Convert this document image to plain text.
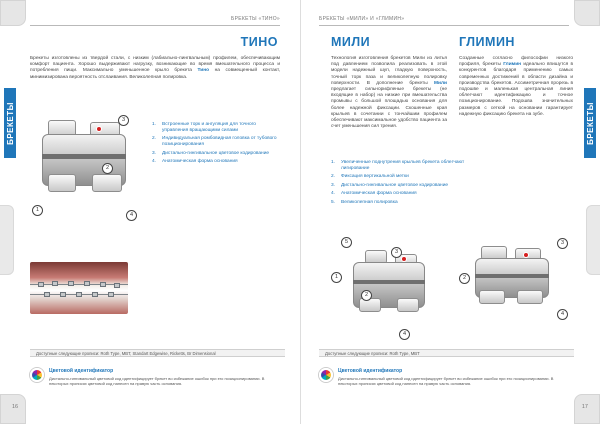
БРЕКЕТЫ «ТИНО»
БРЕКЕТЫ
ТИНО

Брекеты изготовлены из твердой стали, с низким (лабиально-лингвальным) профилем, обеспечивающим комфорт пациента. Хорошо выдерживают нагрузку, возникающие во время вмешательного процесса и потребления пищи. Максимально уменьшенное крыло брекета Тино на совмещенный контакт, минимизирована вероятность отслаивания. Великолепная полировка.

3
2
1
4
1.	Встроенные торк и ангуляция для точного управления вращающими силами
2.	Индивидуальная ромбовидная головка от тубового позиционирования
3.	Дистально-гингивальное цветовое кодирование
4.	Анатомическая форма основания
Доступные следующие прописи: Roth Type, MBT, Standart Edgewise, Ricketts, Br Dimensional
Цветовой идентификатор
Дистально-гингивальный цветовой код идентифицирует брекет во избежание ошибок при его позиционировании. В некоторых прописях цветовой код нанесен на правую часть основания.
16
БРЕКЕТЫ «МИЛИ» И «ГЛИМИН»
БРЕКЕТЫ
МИЛИ	ГЛИМИН

Технология изготовления брекетов Мили из литья под давлением позволила реализовать в этой модели надежный шуп, гладкую поверхность, точный торк паза и великолепную полировку поверхности. В дополнение брекеты Мили предлагает сильнорифленые брекеты (не входящие в набор) на низкие при вмешательства промывы с большой площадью основания для более надежной фиксации. Скошенные края крыльев в сочетании с тончайшим профилем обеспечивают максимальное удобство пациента за счет уменьшения сил трения.

Созданные согласно философии низкого профиля, брекеты Глимин идеально впишутся в конкурентов благодаря применению самых современных достижений в области дизайна и производства брекетов. Ассиметричная прорезь в подошве и маленькая центральная линия облегчают идентификацию и точное позиционирование. Подошва значительных размеров с сеткой на основании гарантирует надежную фиксацию брекета на зубе.

1.	Увеличенные поднутрения крыльев брекета облегчают лигирование
2.	Фиксация вертикальной метки
3.	Дистально-гингивальное цветовое кодирование
4.	Анатомическая форма основания
5.	Великолепная полировка
5
3
1
2
4
3
2
4
Доступные следующие прописи: Roth Type, MBT
Цветовой идентификатор
Дистально-гингивальный цветовой код идентифицирует брекет во избежание ошибок при его позиционировании. В некоторых прописях цветовой код нанесен на правую часть основания.
17
